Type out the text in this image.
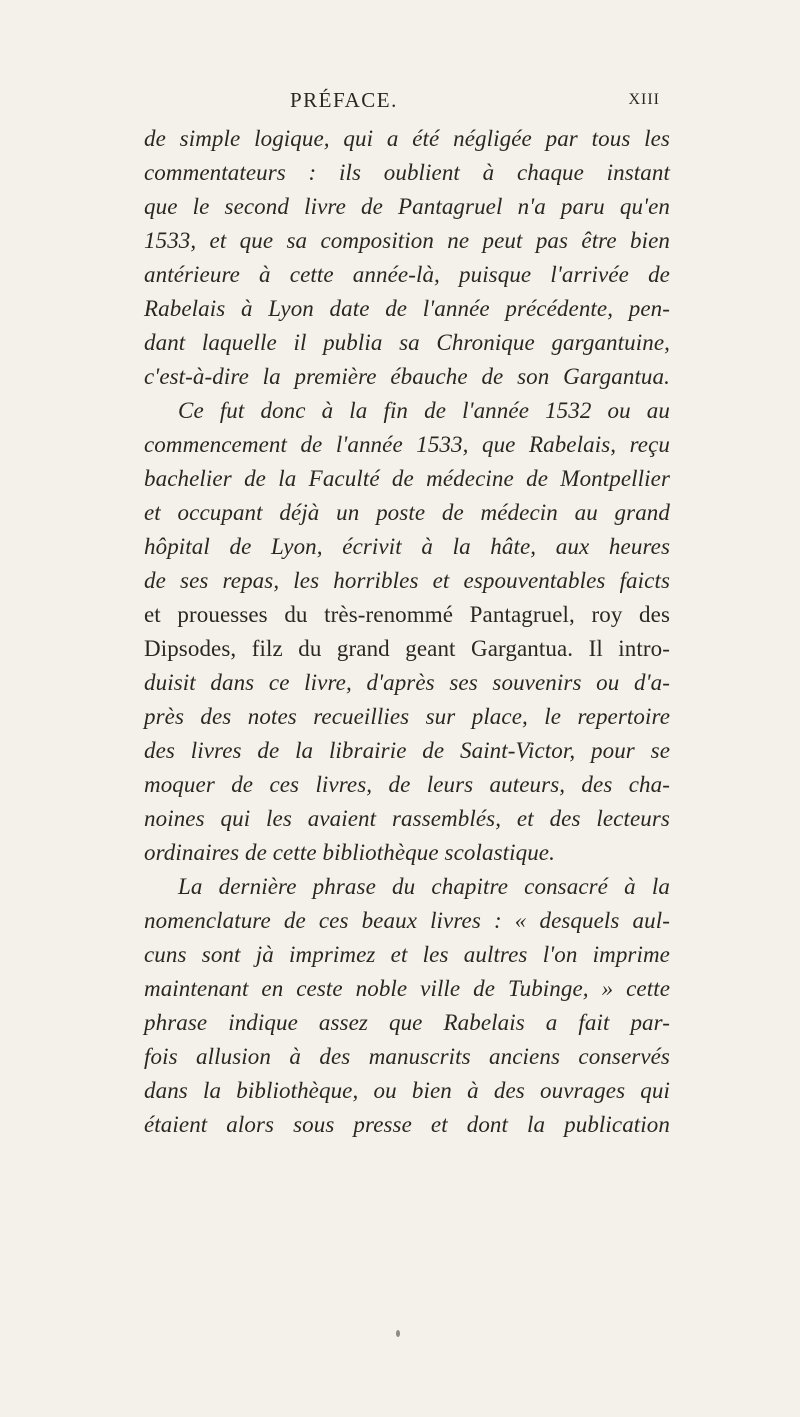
PRÉFACE.	XIII
de simple logique, qui a été négligée par tous les
commentateurs : ils oublient à chaque instant
que le second livre de Pantagruel n'a paru qu'en
1533, et que sa composition ne peut pas être bien
antérieure à cette année-là, puisque l'arrivée de
Rabelais à Lyon date de l'année précédente, pen-
dant laquelle il publia sa Chronique gargantuine,
c'est-à-dire la première ébauche de son Gargantua.
Ce fut donc à la fin de l'année 1532 ou au
commencement de l'année 1533, que Rabelais, reçu
bachelier de la Faculté de médecine de Montpellier
et occupant déjà un poste de médecin au grand
hôpital de Lyon, écrivit à la hâte, aux heures
de ses repas, les horribles et espouventables faicts
et prouesses du très-renommé Pantagruel, roy des
Dipsodes, filz du grand geant Gargantua. Il intro-
duisit dans ce livre, d'après ses souvenirs ou d'a-
près des notes recueillies sur place, le repertoire
des livres de la librairie de Saint-Victor, pour se
moquer de ces livres, de leurs auteurs, des cha-
noines qui les avaient rassemblés, et des lecteurs
ordinaires de cette bibliothèque scolastique.
La dernière phrase du chapitre consacré à la
nomenclature de ces beaux livres : « desquels aul-
cuns sont jà imprimez et les aultres l'on imprime
maintenant en ceste noble ville de Tubinge, » cette
phrase indique assez que Rabelais a fait par-
fois allusion à des manuscrits anciens conservés
dans la bibliothèque, ou bien à des ouvrages qui
étaient alors sous presse et dont la publication
